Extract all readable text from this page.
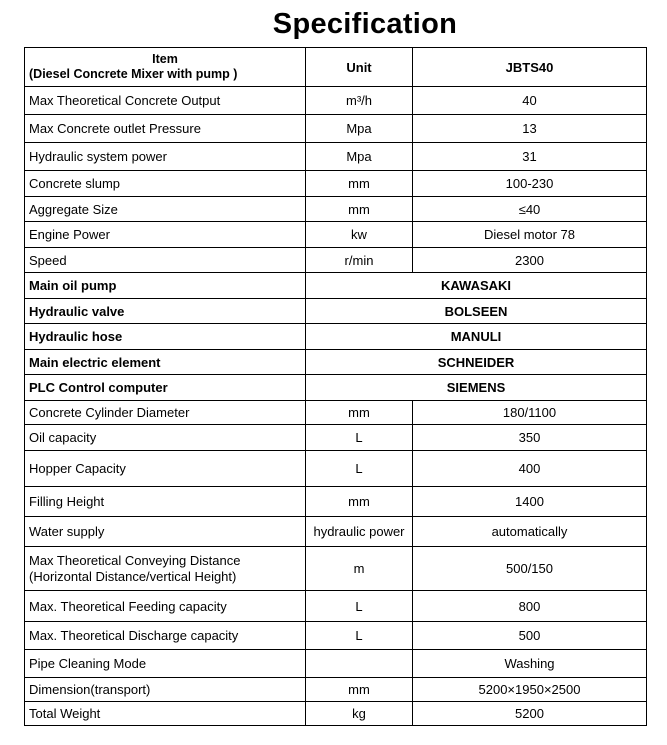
Specification
Item
(Diesel Concrete Mixer with pump )	Unit	JBTS40
Max Theoretical Concrete Output	m³/h	40
Max Concrete outlet Pressure	Mpa	13
Hydraulic system power	Mpa	31
Concrete slump	mm	100-230
Aggregate Size	mm	≤40
Engine Power	kw	Diesel motor 78
Speed	r/min	2300
Main oil pump	KAWASAKI	
Hydraulic valve	BOLSEEN	
Hydraulic hose	MANULI	
Main electric element	SCHNEIDER	
PLC Control computer	SIEMENS	
Concrete Cylinder Diameter	mm	180/1100
Oil capacity	L	350
Hopper Capacity	L	400
Filling Height	mm	1400
Water supply	hydraulic power	automatically

Max Theoretical Conveying Distance
(Horizontal Distance/vertical Height)	m	500/150
Max. Theoretical Feeding capacity	L	800
Max. Theoretical Discharge capacity	L	500
Pipe Cleaning Mode		Washing
Dimension(transport)	mm	5200×1950×2500
Total Weight	kg	5200
